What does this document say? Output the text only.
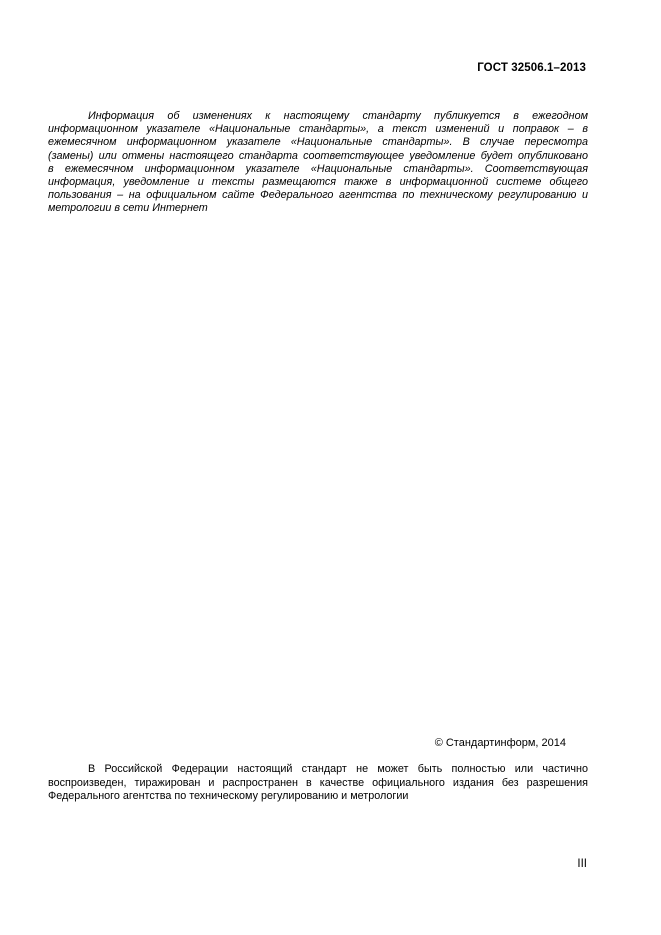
ГОСТ 32506.1–2013

Информация об изменениях к настоящему стандарту публикуется в ежегодном
информационном указателе «Национальные стандарты», а текст изменений и поправок – в
ежемесячном информационном указателе «Национальные стандарты». В случае пересмотра
(замены) или отмены настоящего стандарта соответствующее уведомление будет опубликовано
в ежемесячном информационном указателе «Национальные стандарты». Соответствующая
информация, уведомление и тексты размещаются также в информационной системе общего
пользования – на официальном сайте Федерального агентства по техническому регулированию и
метрологии в сети Интернет

© Стандартинформ, 2014

В Российской Федерации настоящий стандарт не может быть полностью или частично
воспроизведен, тиражирован и распространен в качестве официального издания без разрешения
Федерального агентства по техническому регулированию и метрологии

III
